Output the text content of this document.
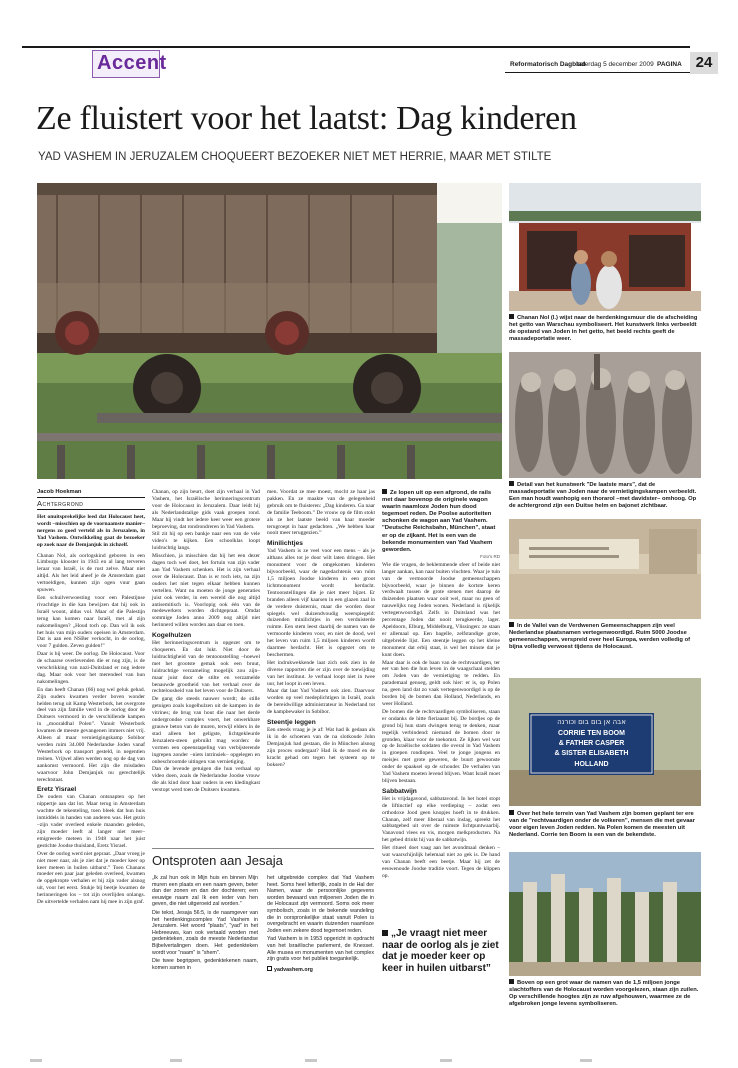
Accent	Reformatorisch Dagblad
zaterdag 5 december 2009 PAGINA 24
Ze fluistert voor het laatst: Dag kinderen
YAD VASHEM IN JERUZALEM CHOQUEERT BEZOEKER NIET MET HERRIE, MAAR MET STILTE
Chanan Nol (l.) wijst naar de herdenkingsmuur die de afscheiding het getto van Warschau symboliseert. Het kunstwerk links verbeeldt de opstand van Joden in het getto, het beeld rechts geeft de massadeportatie weer.
Detail van het kunstwerk "De laatste mars", dat de massadeportatie van Joden naar de vernietigingskampen verbeeldt. Een man houdt wanhopig een thorarol –met davidster– omhoog. Op de achtergrond zijn een Duitse helm en bajonet zichtbaar.
In de Vallei van de Verdwenen Gemeenschappen zijn veel Nederlandse plaatsnamen vertegenwoordigd. Ruim 5000 Joodse gemeenschappen, verspreid over heel Europa, werden volledig of bijna volledig verwoest tijdens de Holocaust.
אבה אן בום בום וכורנה
CORRIE TEN BOOM
& FATHER CASPER
& SISTER ELISABETH
HOLLAND
Over het hele terrein van Yad Vashem zijn bomen geplant ter ere van de "rechtvaardigen onder de volkeren", mensen die met gevaar voor eigen leven Joden redden. Na Polen komen de meesten uit Nederland. Corrie ten Boom is een van de bekendste.
Boven op een grot waar de namen van de 1,5 miljoen jonge slachtoffers van de Holocaust worden voorgelezen, staan zijn zuilen. Op verschillende hoogtes zijn ze ruw afgehouwen, waarmee ze de afgebroken jonge levens symboliseren.
Jacob Hoekman
Achtergrond

Het onuitsprekelijke leed dat Holocaust heet, wordt –misschien op de voornaamste manier– nergens zo goed verteld als in Jeruzalem, in Yad Vashem. Ontwikkeling gaat de bezoeker op zoek naar de Demjanjuk in zichzelf.

Chanan Nol, als oorlogskind geboren in een Limburgs klooster in 1943 en al lang terveren leraar van Israël, is de rust zelve. Maar niet altijd. Als het leid aheef je de Amsterdam gaat vertoeldigen, kunnen zijn ogen vuur gaan spuwen.

Een schuilverwoesting voor een Palestijnse rivachtige in die kan bewijzen dat hij ook in Israël woont, aldus vol. Maar of die Palestijn terug kan komen naar Israël, met al zijn nakomelingen? „Houd toch op. Dan wil ik ook het huis van mijn ouders opeisen in Amsterdam. Dat is aan een NSBer verkocht, in de oorlog, voor 7 gulden. Zeven gulden!”

Daar is hij weer. De oorlog. De Holocaust. Voor de schaarse overlevenden die er nog zijn, is de verschrikking van nazi-Duitsland er nog iedere dag. Maar ook voor het merendeel van hun nakomelingen.

En dan heeft Chanan (66) nog wel geluk gehad. Zijn ouders kwamen verder boven wonder helden terug uit Kamp Westerbork, het overgrote deel van zijn familie verd in de oorlog door de Duitsers vermoord in de verschillende kampen in „mooraldhal Polen”. Vanuit Westerbork kwamen de meeste gevangenen immers niet vrij. Alleen al maar vernietigingskamp Sobibor werden ruim 34.000 Nederlandse Joden vanaf Westerbork op transport gesteld, in negentien treinen. Vrijwel allen werden nog op de dag van aankomst vermoord. Het zijn die misdaden waarvoor John Demjanjuk nu gerechtelijk terechtstaat.

Eretz Yisrael

De ouders van Chanan ontsnapten op het nippertje aan dat lot. Maar terug in Amsterdam wachtte de tekenteling, toen bleek dat hun huis inmiddels in handen van anderen was. Het gezin –zijn vader overleed enkele maanden geleden, zijn moeder leeft al langer niet meer– emigreerde meteen in 1948 naar het juist gestichte Joodse thuisland, Eretz Yisrael.

Over de oorlog werd niet gepraat. „Daar vroeg je niet meer naar, als je ziet dat je moeder keer op keer meteen in huilen uitbarst.” Toen Chanans moeder een paar jaar geleden overleed, kwamen de opgekropte verhalen er bij zijn vader alsnog uit, voor het eerst. Stukje bij beetje kwamen de herinneringen los – tot zijn overlijden onlangs. De uitvertelde verhalen nam hij mee in zijn graf.

Chanan, op zijn beurt, doet zijn verhaal in Yad Vashem, het Israëlische herinneringscentrum voor de Holocaust in Jeruzalem. Daar leidt hij als Nederlandstalige gids vaak groepen rond. Maar hij vindt het iedere keer weer een grotere beproeving, dat rondrondreren in Yad Vashem.

Stil zit hij op een bankje naar een van de vele video's te kijken. Een schoolklas loopt luidruchtig langs.

Misschien, ja misschien dat hij het een dezer dagen toch wel doet, het fortuin van zijn vader aan Yad Vashem schenken. Het is zijn verhaal over de Holocaust. Dan is er toch iets, na zijn ouders het niet tegen elkaar hebben kunnen vertellen. Want nu moeten de jonge generaties juist ook verder, in een wereld die nog altijd antisemitisch is. Voorlopig ook één van de medewerkers worden dichtgepraat. Omdat sommige Joden anno 2009 nog altijd niet herinnerd willen worden aan daar en toen.

Kogelhulzen

Het herinneringscentrum is opgezet om te choqueren. En dat lukt. Niet door de luidruchtigheid van de tentoonstelling –hoewel met het grootste gemak ook een bruut, luidruchtige verzameling mogelijk zou zijn– maar juist door de stilte en verzamelde benauwde grootheid van het verhaal over de rechteloosheid van het leven voor de Duitsers.

De gang die steeds nauwer wordt; de stille getuigen zoals kogelhulzen uit de kampen in de vitrines; de brug van hout die naar het derde ondergrondse complex voert, het onwerkbare grauwe beton van de muren, terwijl elders in de stad alleen het geligste, lichtgekleurde Jeruzalem-steen gebruikt mag worden: de vormen een opeenstapeling van verbijsterende ingrepen zonder –niets intrinsiek– opgelegen en onbeschroomde uitingen van vernietiging.

Dan de levende getuigen die hun verhaal op video doen, zoals de Nederlandse Joodse vrouw die als kind door haar ouders in een kledingkast verstopt werd toen de Duitsers kwamen.

men. Voordat ze mee moest, mocht ze haar jas pakken. En ze maakte van de gelegenheid gebruik om te fluisteren: „Dag kinderen. Ga naar de familie Teeboom.” De vrouw op de film stokt als ze het laatste beeld van haar moeder terugroept in haar gedachten. „We hebben haar nooit meer teruggezien.”

Minilichtjes

Yad Vashem is ze veel voor een mens – als je althans alles tot je door wilt laten dringen. Het monument voor de omgekomen kinderen bijvoorbeeld, waar de nagedachtenis van ruim 1,5 miljoen Joodse kinderen in een groot lichtmonument wordt herdacht. Tentoonstellingen die je niet meer bijzet. Er branden alleen vijf kaarsen in een glazen zaal in de verdere duisternis, maar die worden door spiegels wel duizendvoudig weerspiegeld: duizenden minilichtjes in een verduisterde ruimte. Een stem leest daarbij de namen van de vermoorde kinderen voor, en niet de dood, wel het leven van ruim 1,5 miljoen kinderen wordt daarmee herdacht. Het is opgezet om te beschermen.

Het indrukwekkende laat zich ook zien in de diverse rapporten die er zijn over de toewijding van het instituut. Je verhaal loopt niet in twee uur, het loopt in een leven.

Maar dat laat Yad Vashem ook zien. Daarvoor worden op veel medeplichtigen in Israël, zoals de bereidwillige administrateur in Nederland tot de kampbewaker in Sobibor.

Steentje leggen

Een steeds vraag je je af: Wat had ik gedaan als ik in de schoenen van de na slotkoude John Demjanjuk had gestaan, die in München alsnog zijn proces ondergaat? Had ik de moed en de kracht gehad om tegen het systeem op te boksen?

Ze lopen uit op een afgrond, de rails met daar bovenop de originele wagon waarin naamloze Joden hun dood tegemoet reden. De Poolse autoriteiten schonken de wagon aan Yad Vashem. "Deutsche Reichsbahn, München", staat er op de zijkant. Het is een van de bekende monumenten van Yad Vashem geworden.
Foto's RD

Wie die vragen, de beklemmende sfeer of beide niet langer aankan, kan naar buiten vluchten. Waar je tuin van de vermoorde Joodse gemeenschappen bijvoorbeeld, waar je binnen de kortste keren verdwaalt tussen de grote stenen met daarop de duizenden plaatsen waar ooit wel, maar nu geen of nauwelijks nog Joden wonen. Nederland is rijkelijk vertegenwoordigd. Zelfs in Duitsland was het percentage Joden dat nooit terugkeerde, lager. Apeldoorn, Elburg, Middelburg, Vlissingen: ze staan er allemaal op. Een bagelle, zelfstandige grote, uitgebreide lijst. Een steentje leggen op het kleine monument dat erbij staat, is wel het minste dat je kunt doen.

Maar daar is ook de baan van de rechtvaardigen, ter eer van hen die hun leven in de waagschaal stelden om Joden van de vernietiging te redden. En parademaal genoeg, geldt ook hier: er is, op Polen na, geen land dat zo vaak vertegenwoordigd is op de borden bij de bomen dan Holland, Nederlands, en weer Holland.

De bomen die de rechtvaardigen symboliseren, staan er ondanks de hitte fleriaaant bij. De bordjes op de grond bij hun stam dwingen terug te denken, maar tegelijk verbindend: niemand de bomen door te gronden, klaar voor de toekomst. Ze lijken wel wat op de Israëlische soldaten die overal in Yad Vashem in groepen rondlopen. Veel te jonge jongens en meisjes met grote geweren, de buurt gewoonste onder de spaaksel op de schouder. De verhalen van Yad Vashem moeten levend blijven. Want Israël moet blijven bestaan.

Sabbatwijn

Het is vrijdagavond, sabbatavond. In het hotel stopt de liftinctief op elke verdieping – zodat een orthodoxe Jood geen knopjes hoeft in te drukken. Chanan, zelf meer liberaal van inslag, spreekt het sabbatgebed uit over de ruimste lichtpuntwaarbij. Vanavond vlees en vis, morgen melkproducten. Na het gebed drinkt hij van de sabbatwijn.

Het ritueel doet vaag aan het avondmaal denken – wat waarschijnlijk helemaal niet zo gek is. De hand van Chanan beeft een beetje. Maar hij zet de eeuwenoude Joodse traditie voort. Tegen de klippen op.

Ontsproten aan Jesaja

„Ik zal hun ook in Mijn huis en binnen Mijn muren een plaats en een naam geven, beter dan der zonen en dan der dochteren; een eeuwige naam zal Ik een ieder van hen geven, die niet uitgeroeid zal worden.”

Die tekst, Jesaja 56:5, is de naamgever van het herdenkingscomplex Yad Vashem in Jeruzalem. Het woord "plaats", "yad" in het Hebreeuws, kan ook vertaald worden met gedenkteken, zoals de meeste Nederlandse Bijbelvertalingen doen. Het gedenkteken wordt voor "naam" is "shem".

Die twee begrippen, gedenktekenen naam, komen samen in

het uitgebreide complex dat Yad Vashem heet. Soms heel letterlijk, zoals in de Hal der Namen, waar de persoonlijke gegevens worden bewaard van miljoenen Joden die in de Holocaust zijn vermoord. Soms ook meer symbolisch, zoals in de bekende wandeling die in oorspronkelijke staat vanuit Polen is overgebracht en waarin duizenden naamloze Joden een zekere dood tegemoet reden.

Yad Vashem is in 1953 opgericht in opdracht van het Israëlische parlement, de Knesset. Alle musea en monumenten van het complex zijn gratis voor het publiek toegankelijk.

yadvashem.org
„Je vraagt niet meer naar de oorlog als je ziet dat je moeder keer op keer in huilen uitbarst”
